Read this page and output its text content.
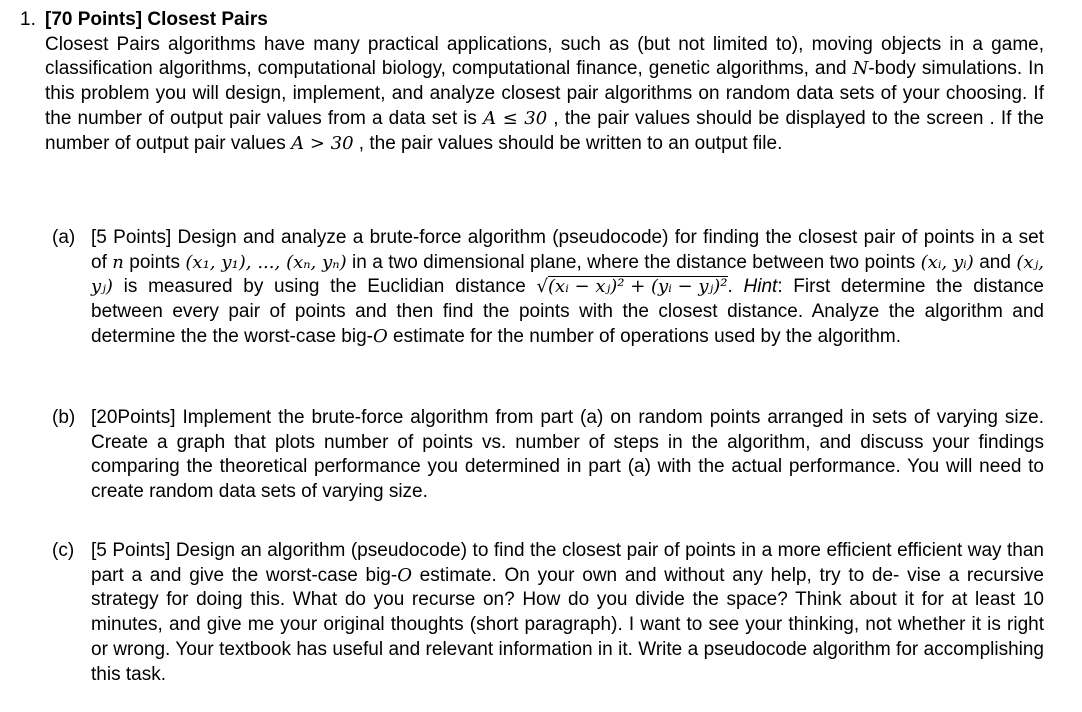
1. [70 Points] Closest Pairs
Closest Pairs algorithms have many practical applications, such as (but not limited to), moving objects in a game, classification algorithms, computational biology, computational finance, genetic algorithms, and N-body simulations. In this problem you will design, implement, and analyze closest pair algorithms on random data sets of your choosing. If the number of output pair values from a data set is A ≤ 30 , the pair values should be displayed to the screen . If the number of output pair values A > 30 , the pair values should be written to an output file.
(a) [5 Points] Design and analyze a brute-force algorithm (pseudocode) for finding the closest pair of points in a set of n points (x₁, y₁), ..., (xₙ, yₙ) in a two dimensional plane, where the distance between two points (xᵢ, yᵢ) and (xⱼ, yⱼ) is measured by using the Euclidian distance √(xᵢ − xⱼ)² + (yᵢ − yⱼ)². Hint: First determine the distance between every pair of points and then find the points with the closest distance. Analyze the algorithm and determine the the worst-case big-O estimate for the number of operations used by the algorithm.
(b) [20Points] Implement the brute-force algorithm from part (a) on random points arranged in sets of varying size. Create a graph that plots number of points vs. number of steps in the algorithm, and discuss your findings comparing the theoretical performance you determined in part (a) with the actual performance. You will need to create random data sets of varying size.
(c) [5 Points] Design an algorithm (pseudocode) to find the closest pair of points in a more efficient efficient way than part a and give the worst-case big-O estimate. On your own and without any help, try to de- vise a recursive strategy for doing this. What do you recurse on? How do you divide the space? Think about it for at least 10 minutes, and give me your original thoughts (short paragraph). I want to see your thinking, not whether it is right or wrong. Your textbook has useful and relevant information in it. Write a pseudocode algorithm for accomplishing this task.
